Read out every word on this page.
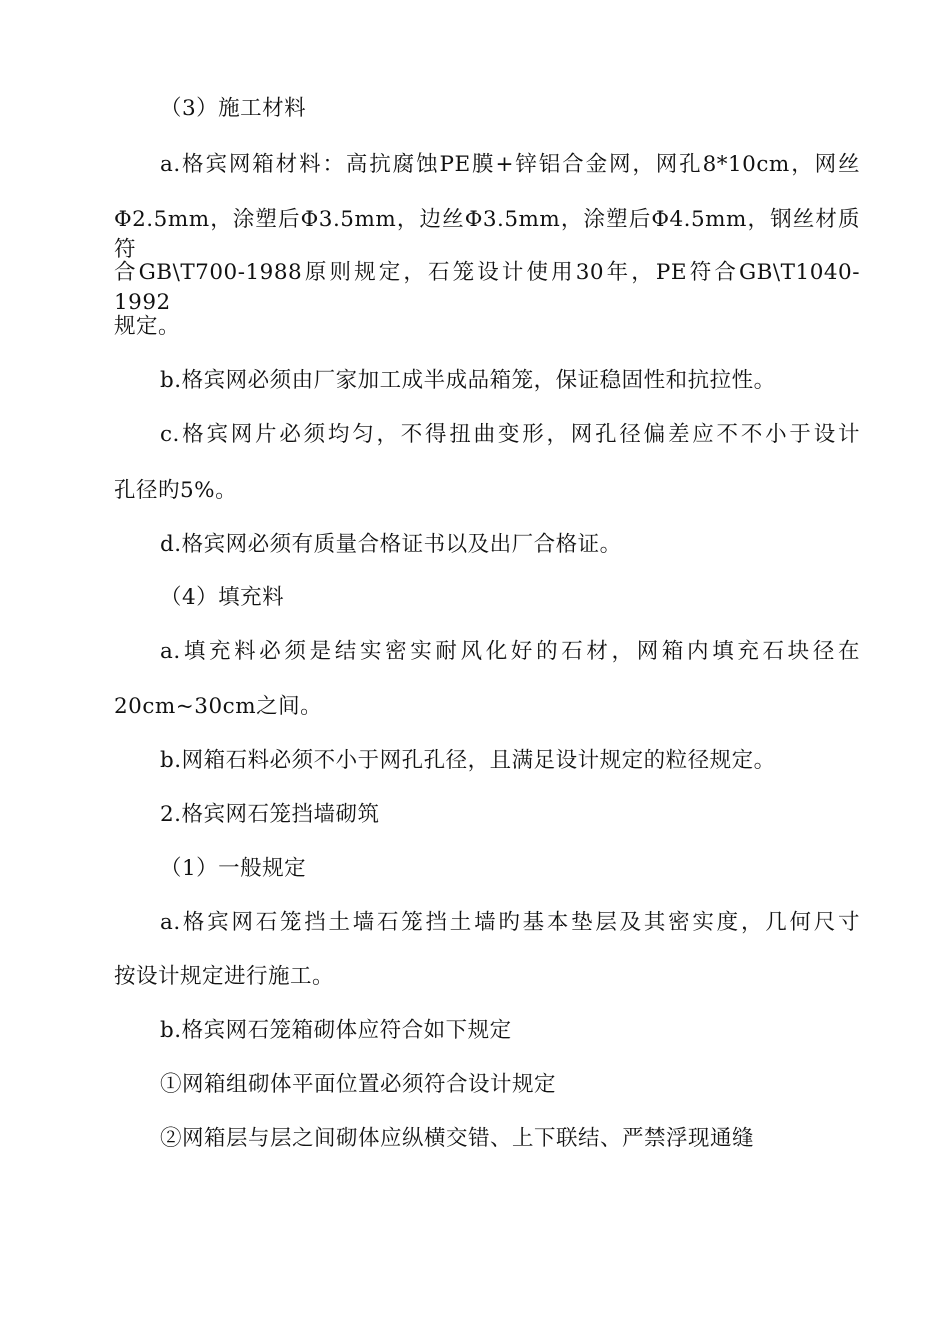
（3）施工材料
a.格宾网箱材料：高抗腐蚀PE膜+锌铝合金网，网孔8*10cm，网丝
Φ2.5mm，涂塑后Φ3.5mm，边丝Φ3.5mm，涂塑后Φ4.5mm，钢丝材质符
合GB\T700-1988原则规定，石笼设计使用30年，PE符合GB\T1040-1992
规定。
b.格宾网必须由厂家加工成半成品箱笼，保证稳固性和抗拉性。
c.格宾网片必须均匀，不得扭曲变形，网孔径偏差应不不小于设计
孔径旳5%。
d.格宾网必须有质量合格证书以及出厂合格证。
（4）填充料
a.填充料必须是结实密实耐风化好的石材，网箱内填充石块径在
20cm~30cm之间。
b.网箱石料必须不小于网孔孔径，且满足设计规定的粒径规定。
2.格宾网石笼挡墙砌筑
（1）一般规定
a.格宾网石笼挡土墙石笼挡土墙旳基本垫层及其密实度，几何尺寸
按设计规定进行施工。
b.格宾网石笼箱砌体应符合如下规定
①网箱组砌体平面位置必须符合设计规定
②网箱层与层之间砌体应纵横交错、上下联结、严禁浮现通缝
